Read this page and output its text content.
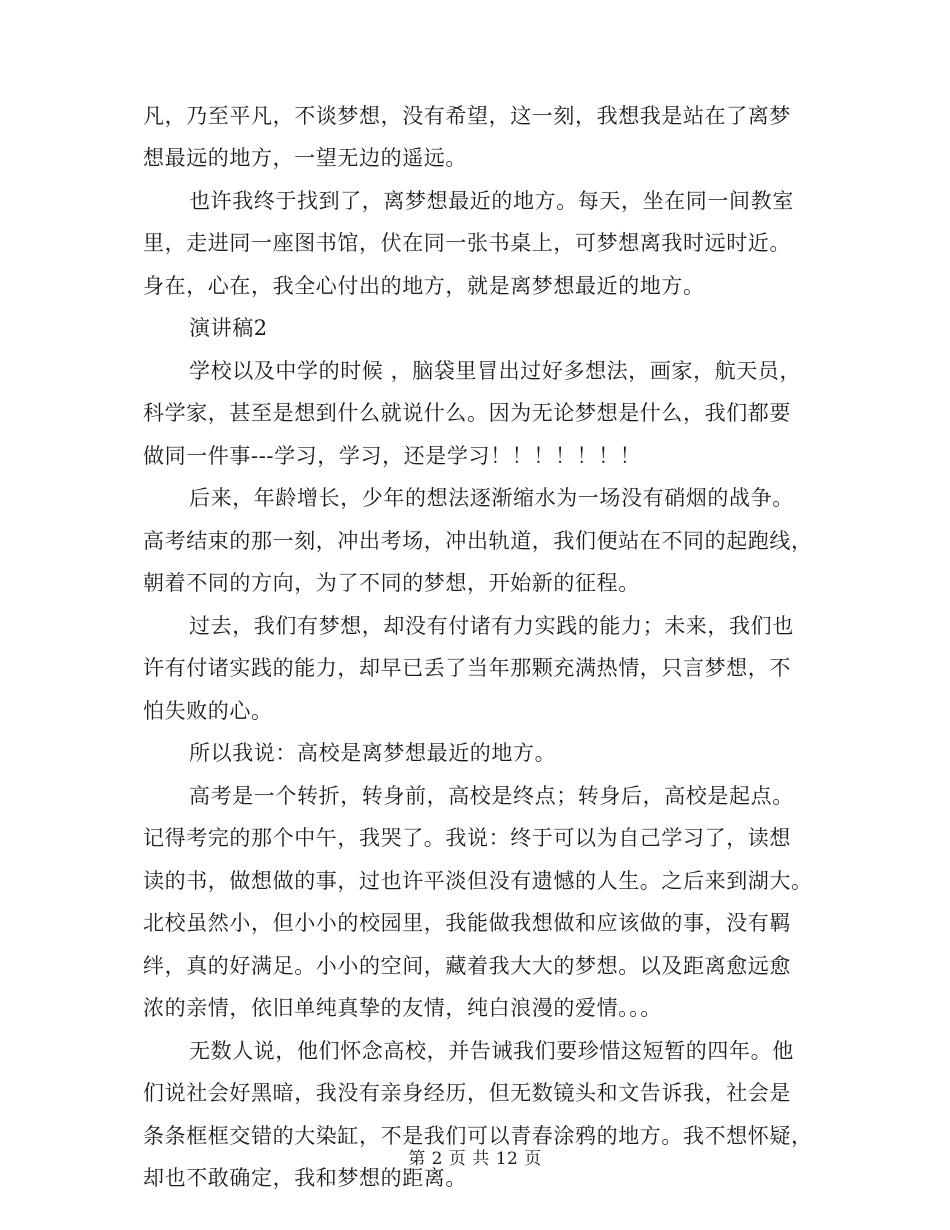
凡，乃至平凡，不谈梦想，没有希望，这一刻，我想我是站在了离梦
想最远的地方，一望无边的遥远。
也许我终于找到了，离梦想最近的地方。每天，坐在同一间教室
里，走进同一座图书馆，伏在同一张书桌上，可梦想离我时远时近。
身在，心在，我全心付出的地方，就是离梦想最近的地方。
演讲稿2
学校以及中学的时候 ，脑袋里冒出过好多想法，画家，航天员，
科学家，甚至是想到什么就说什么。因为无论梦想是什么，我们都要
做同一件事---学习，学习，还是学习！！！！！！！
后来，年龄增长，少年的想法逐渐缩水为一场没有硝烟的战争。
高考结束的那一刻，冲出考场，冲出轨道，我们便站在不同的起跑线，
朝着不同的方向，为了不同的梦想，开始新的征程。
过去，我们有梦想，却没有付诸有力实践的能力；未来，我们也
许有付诸实践的能力，却早已丢了当年那颗充满热情，只言梦想，不
怕失败的心。
所以我说：高校是离梦想最近的地方。
高考是一个转折，转身前，高校是终点；转身后，高校是起点。
记得考完的那个中午，我哭了。我说：终于可以为自己学习了，读想
读的书，做想做的事，过也许平淡但没有遗憾的人生。之后来到湖大。
北校虽然小，但小小的校园里，我能做我想做和应该做的事，没有羁
绊，真的好满足。小小的空间，藏着我大大的梦想。以及距离愈远愈
浓的亲情，依旧单纯真挚的友情，纯白浪漫的爱情。。。
无数人说，他们怀念高校，并告诫我们要珍惜这短暂的四年。他
们说社会好黑暗，我没有亲身经历，但无数镜头和文告诉我，社会是
条条框框交错的大染缸，不是我们可以青春涂鸦的地方。我不想怀疑，
却也不敢确定，我和梦想的距离。
第 2 页 共 12 页
